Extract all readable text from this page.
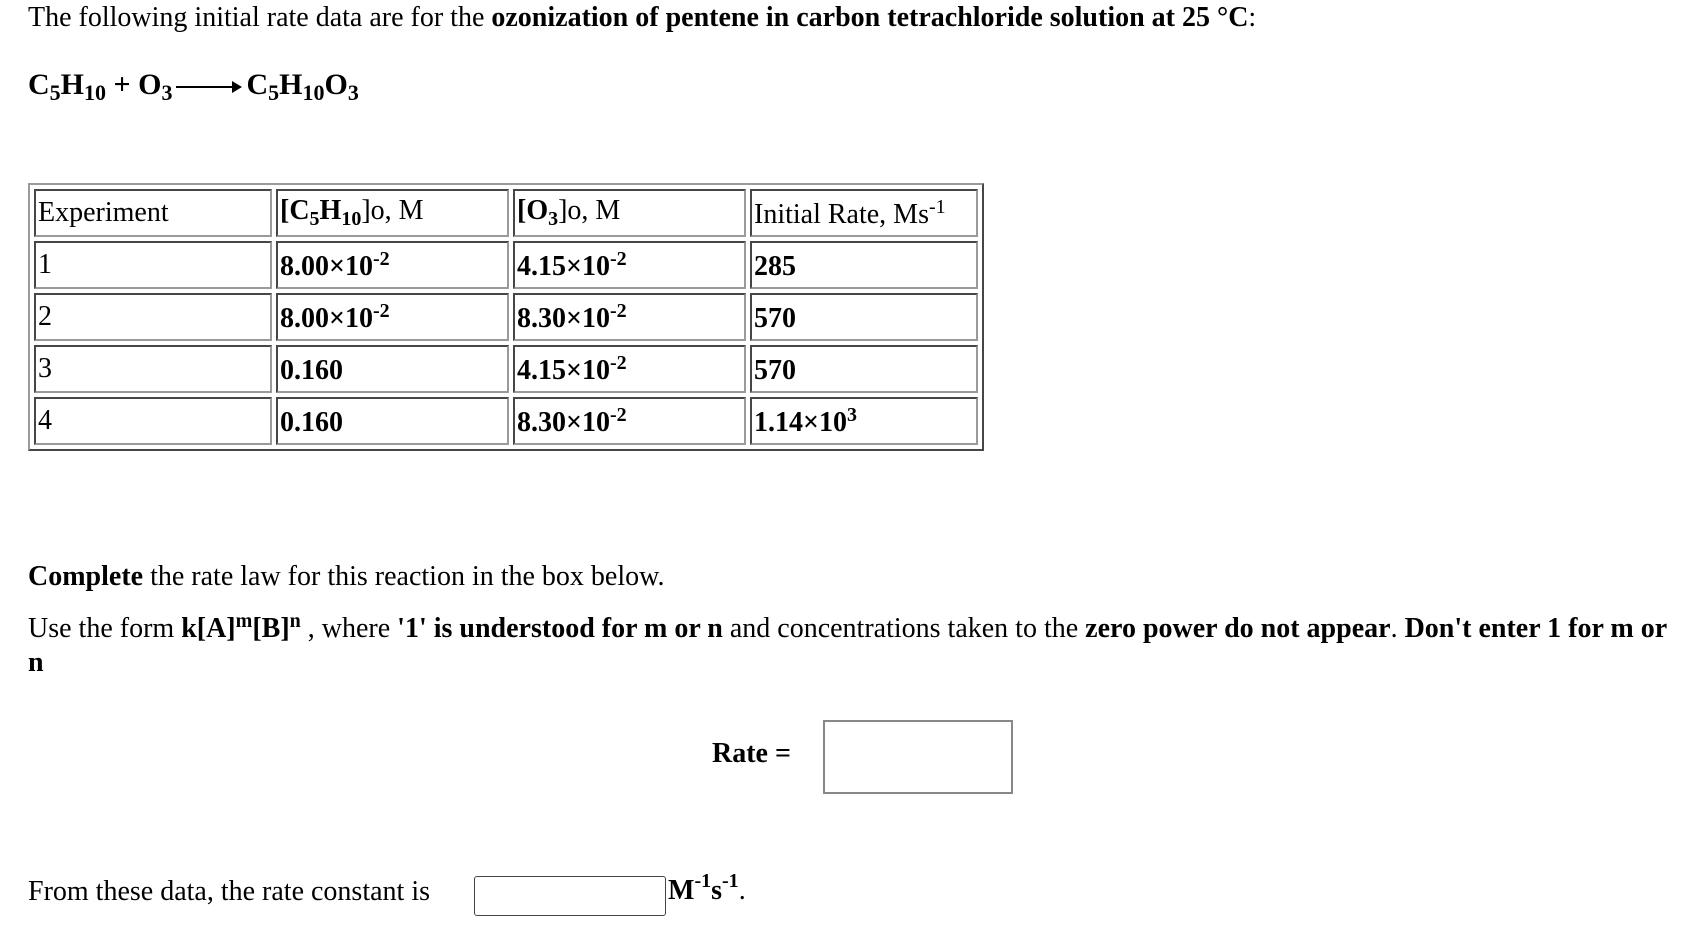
The following initial rate data are for the ozonization of pentene in carbon tetrachloride solution at 25 °C:
$C_5H_{10} + O_3$ $C_5H_{10}O_3$
Experiment	$[C_5H_{10}]o$, M	$[O_3]o$, M	Initial Rate, $Ms^{-1}$
1	$8.00\times 10^{-2}$	$4.15\times 10^{-2}$	285
2	$8.00\times 10^{-2}$	$8.30\times 10^{-2}$	570
3	0.160	$4.15\times 10^{-2}$	570
4	0.160	$8.30\times 10^{-2}$	$1.14\times 10^3$
Complete the rate law for this reaction in the box below.
Use the form $k[A]^m[B]^n$ , where '1' is understood for m or n and concentrations taken to the zero power do not appear. Don't enter 1 for m or n
Rate =
From these data, the rate constant is	$M^{-1}s^{-1}$.
